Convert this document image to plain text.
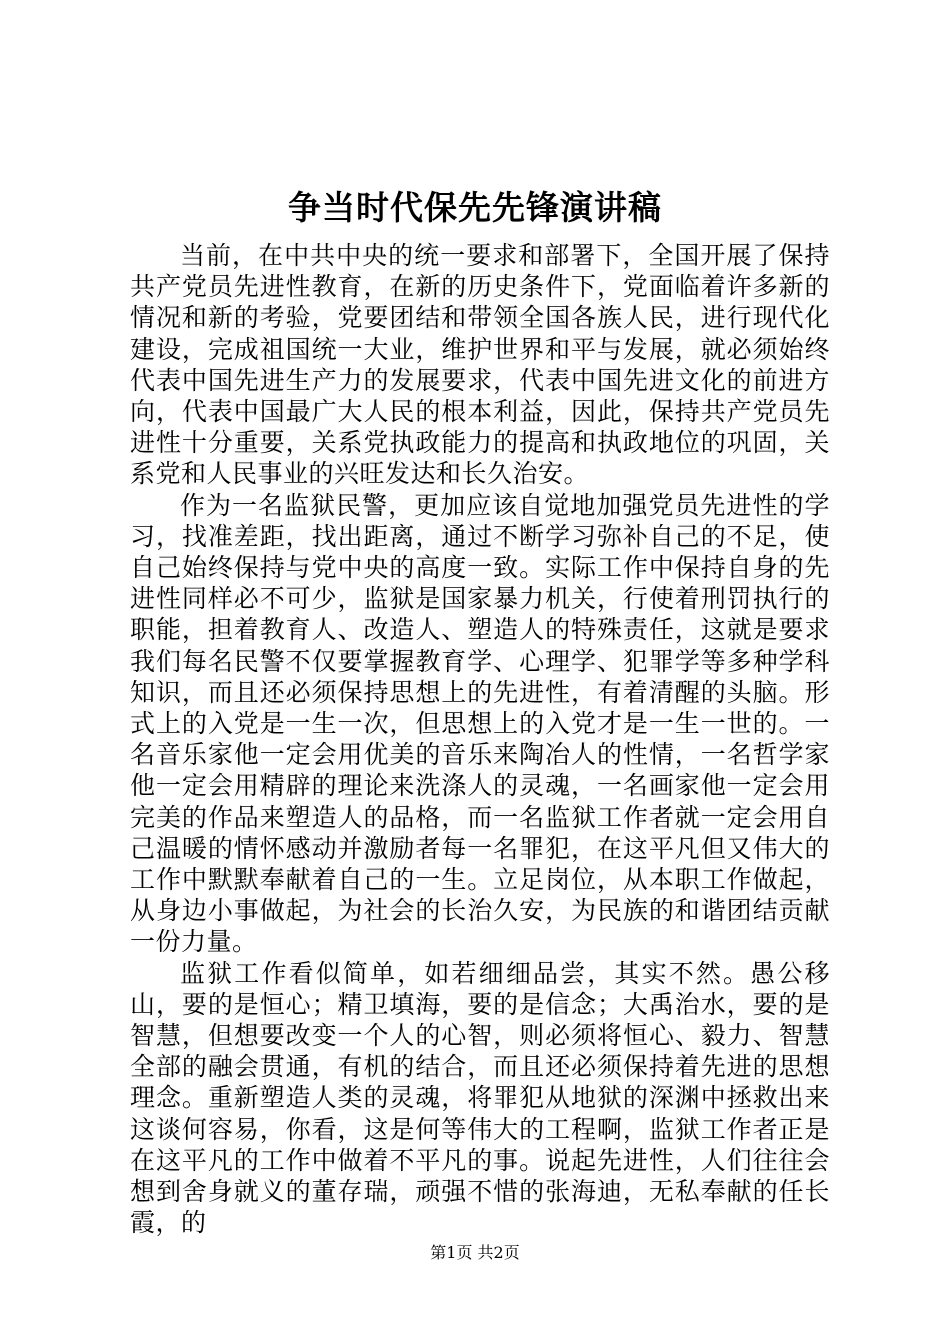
争当时代保先先锋演讲稿

当前，在中共中央的统一要求和部署下，全国开展了保持共产党员先进性教育，在新的历史条件下，党面临着许多新的情况和新的考验，党要团结和带领全国各族人民，进行现代化建设，完成祖国统一大业，维护世界和平与发展，就必须始终代表中国先进生产力的发展要求，代表中国先进文化的前进方向，代表中国最广大人民的根本利益，因此，保持共产党员先进性十分重要，关系党执政能力的提高和执政地位的巩固，关系党和人民事业的兴旺发达和长久治安。

作为一名监狱民警，更加应该自觉地加强党员先进性的学习，找准差距，找出距离，通过不断学习弥补自己的不足，使自己始终保持与党中央的高度一致。实际工作中保持自身的先进性同样必不可少，监狱是国家暴力机关，行使着刑罚执行的职能，担着教育人、改造人、塑造人的特殊责任，这就是要求我们每名民警不仅要掌握教育学、心理学、犯罪学等多种学科知识，而且还必须保持思想上的先进性，有着清醒的头脑。形式上的入党是一生一次，但思想上的入党才是一生一世的。一名音乐家他一定会用优美的音乐来陶冶人的性情，一名哲学家他一定会用精辟的理论来洗涤人的灵魂，一名画家他一定会用完美的作品来塑造人的品格，而一名监狱工作者就一定会用自己温暖的情怀感动并激励者每一名罪犯，在这平凡但又伟大的工作中默默奉献着自己的一生。立足岗位，从本职工作做起，从身边小事做起，为社会的长治久安，为民族的和谐团结贡献一份力量。

监狱工作看似简单，如若细细品尝，其实不然。愚公移山，要的是恒心；精卫填海，要的是信念；大禹治水，要的是智慧，但想要改变一个人的心智，则必须将恒心、毅力、智慧全部的融会贯通，有机的结合，而且还必须保持着先进的思想理念。重新塑造人类的灵魂，将罪犯从地狱的深渊中拯救出来这谈何容易，你看，这是何等伟大的工程啊，监狱工作者正是在这平凡的工作中做着不平凡的事。说起先进性，人们往往会想到舍身就义的董存瑞，顽强不惜的张海迪，无私奉献的任长霞，的

第1页 共2页
